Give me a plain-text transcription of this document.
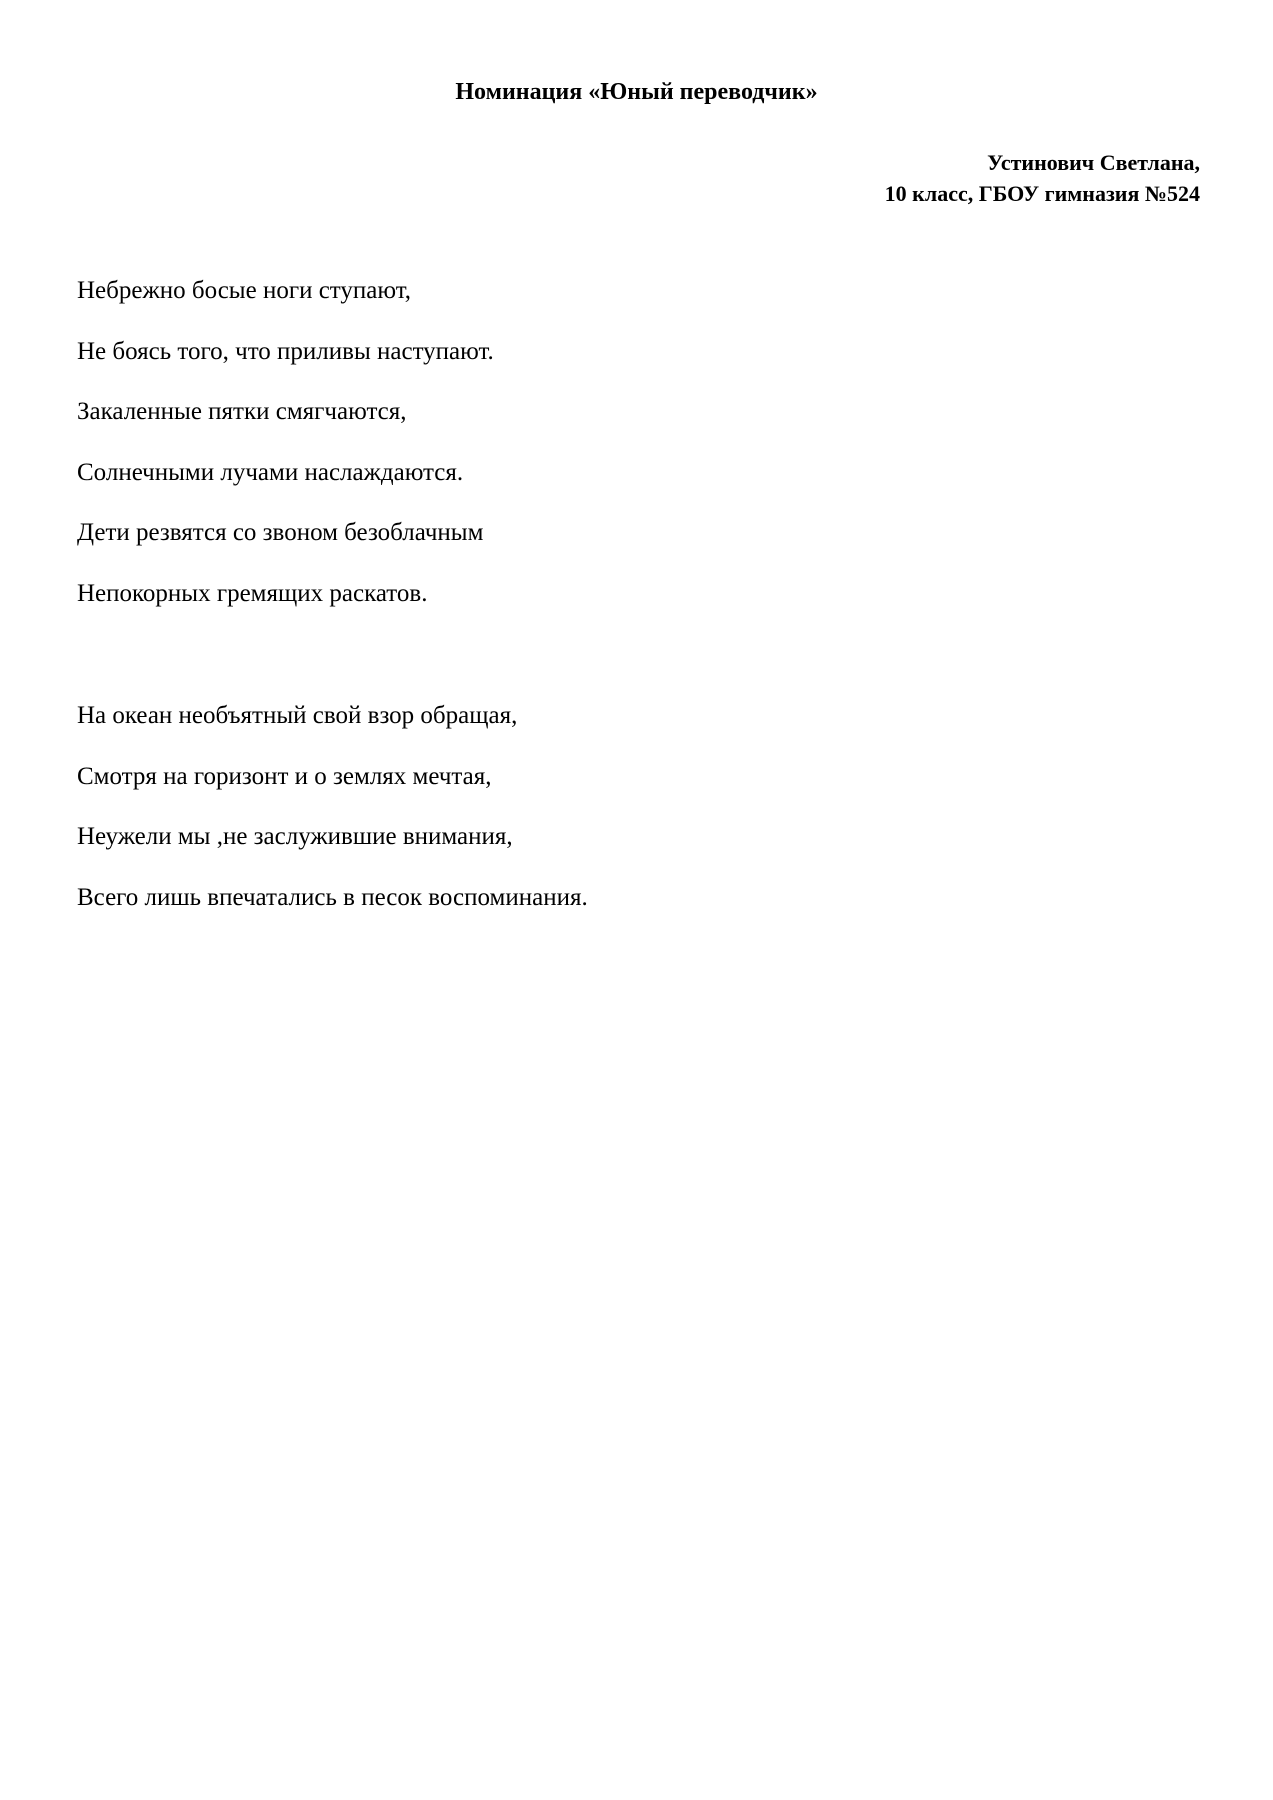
Номинация «Юный переводчик»
Устинович Светлана,
10 класс, ГБОУ гимназия №524
Небрежно босые ноги ступают,
Не боясь того, что приливы наступают.
Закаленные пятки смягчаются,
Солнечными лучами наслаждаются.
Дети резвятся со звоном безоблачным
Непокорных гремящих раскатов.
На океан необъятный свой взор обращая,
Смотря на горизонт и о землях мечтая,
Неужели мы ,не заслужившие внимания,
Всего лишь впечатались в песок воспоминания.
